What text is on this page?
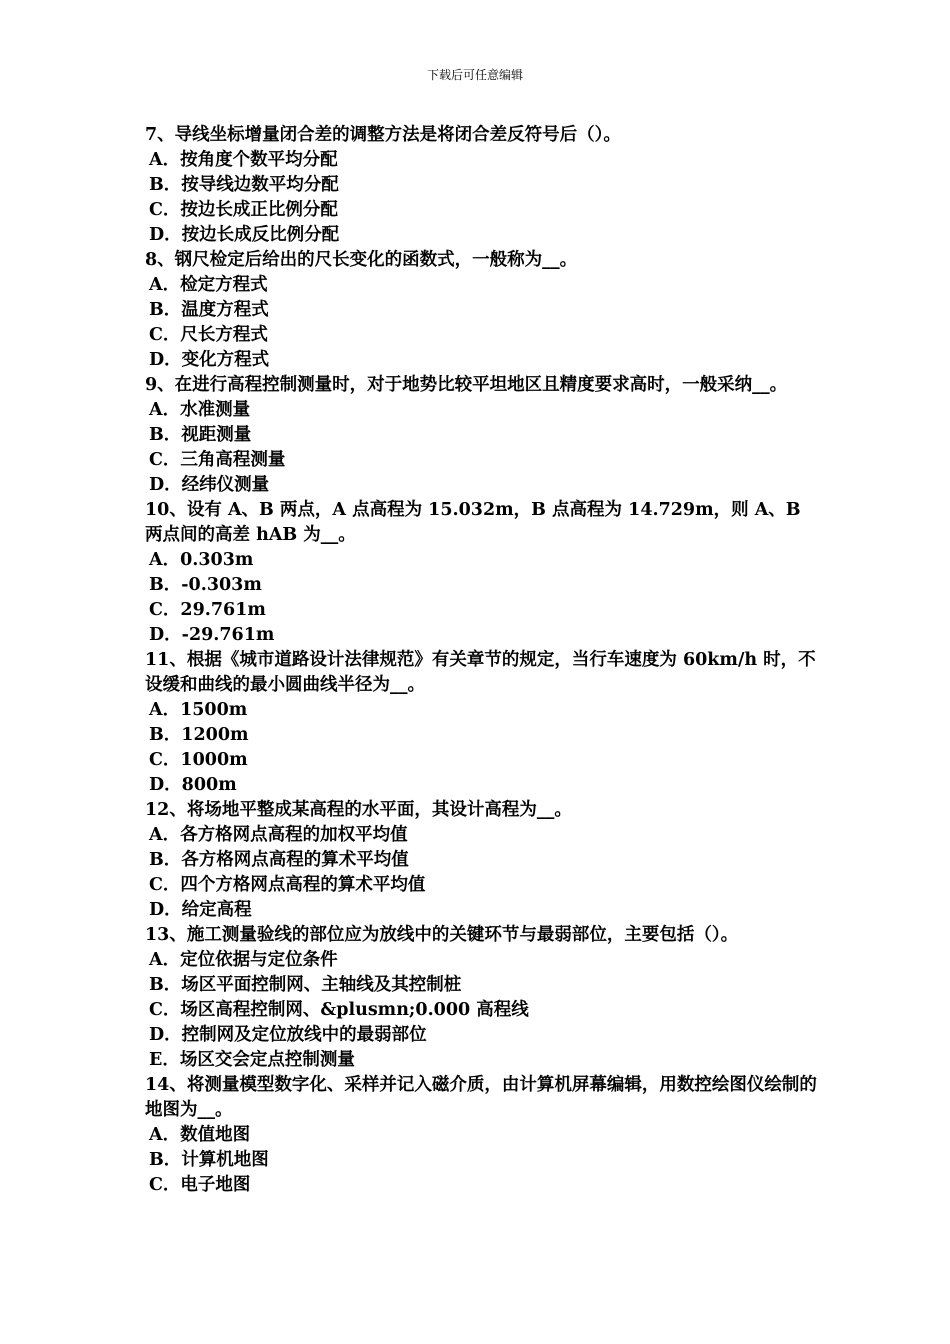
下载后可任意编辑
7、导线坐标增量闭合差的调整方法是将闭合差反符号后（）。
A．按角度个数平均分配
B．按导线边数平均分配
C．按边长成正比例分配
D．按边长成反比例分配
8、钢尺检定后给出的尺长变化的函数式，一般称为__。
A．检定方程式
B．温度方程式
C．尺长方程式
D．变化方程式
9、在进行高程控制测量时，对于地势比较平坦地区且精度要求高时，一般采纳__。
A．水准测量
B．视距测量
C．三角高程测量
D．经纬仪测量
10、设有 A、B 两点，A 点高程为 15.032m，B 点高程为 14.729m，则 A、B 两点间的高差 hAB 为__。
A．0.303m
B．-0.303m
C．29.761m
D．-29.761m
11、根据《城市道路设计法律规范》有关章节的规定，当行车速度为 60km/h 时，不设缓和曲线的最小圆曲线半径为__。
A．1500m
B．1200m
C．1000m
D．800m
12、将场地平整成某高程的水平面，其设计高程为__。
A．各方格网点高程的加权平均值
B．各方格网点高程的算术平均值
C．四个方格网点高程的算术平均值
D．给定高程
13、施工测量验线的部位应为放线中的关键环节与最弱部位，主要包括（）。
A．定位依据与定位条件
B．场区平面控制网、主轴线及其控制桩
C．场区高程控制网、&plusmn;0.000 高程线
D．控制网及定位放线中的最弱部位
E．场区交会定点控制测量
14、将测量模型数字化、采样并记入磁介质，由计算机屏幕编辑，用数控绘图仪绘制的地图为__。
A．数值地图
B．计算机地图
C．电子地图
